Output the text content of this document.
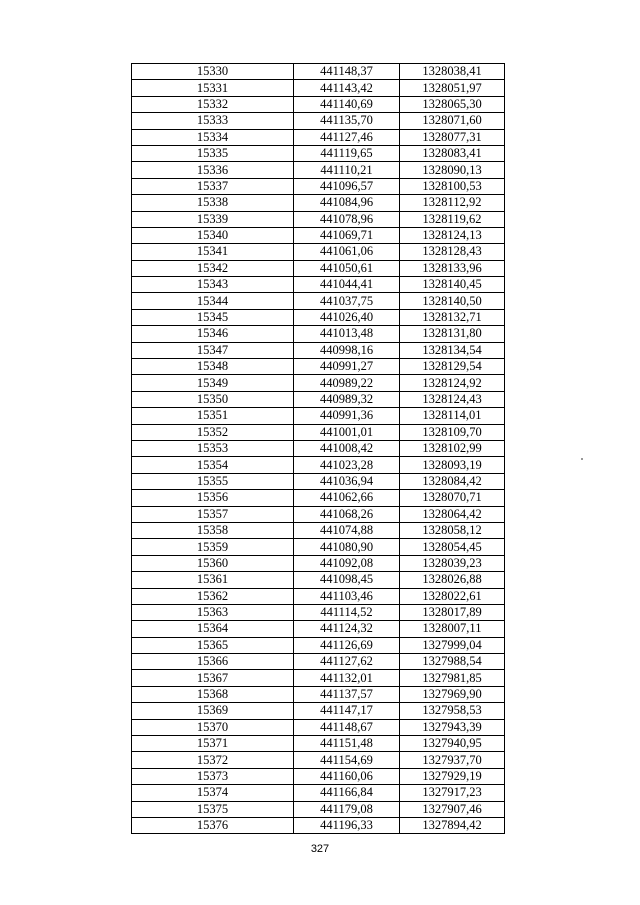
15330	441148,37	1328038,41
15331	441143,42	1328051,97
15332	441140,69	1328065,30
15333	441135,70	1328071,60
15334	441127,46	1328077,31
15335	441119,65	1328083,41
15336	441110,21	1328090,13
15337	441096,57	1328100,53
15338	441084,96	1328112,92
15339	441078,96	1328119,62
15340	441069,71	1328124,13
15341	441061,06	1328128,43
15342	441050,61	1328133,96
15343	441044,41	1328140,45
15344	441037,75	1328140,50
15345	441026,40	1328132,71
15346	441013,48	1328131,80
15347	440998,16	1328134,54
15348	440991,27	1328129,54
15349	440989,22	1328124,92
15350	440989,32	1328124,43
15351	440991,36	1328114,01
15352	441001,01	1328109,70
15353	441008,42	1328102,99
15354	441023,28	1328093,19
15355	441036,94	1328084,42
15356	441062,66	1328070,71
15357	441068,26	1328064,42
15358	441074,88	1328058,12
15359	441080,90	1328054,45
15360	441092,08	1328039,23
15361	441098,45	1328026,88
15362	441103,46	1328022,61
15363	441114,52	1328017,89
15364	441124,32	1328007,11
15365	441126,69	1327999,04
15366	441127,62	1327988,54
15367	441132,01	1327981,85
15368	441137,57	1327969,90
15369	441147,17	1327958,53
15370	441148,67	1327943,39
15371	441151,48	1327940,95
15372	441154,69	1327937,70
15373	441160,06	1327929,19
15374	441166,84	1327917,23
15375	441179,08	1327907,46
15376	441196,33	1327894,42
327
